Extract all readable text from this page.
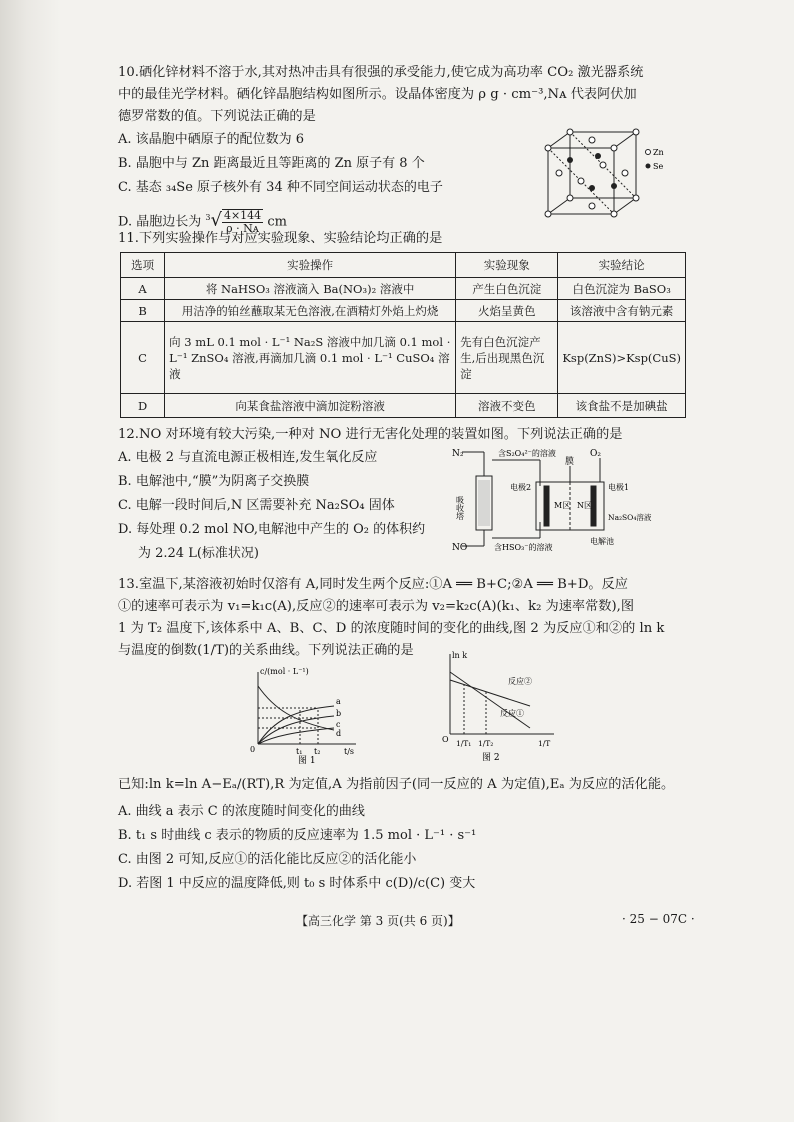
10.硒化锌材料不溶于水,其对热冲击具有很强的承受能力,使它成为高功率 CO₂ 激光器系统
中的最佳光学材料。硒化锌晶胞结构如图所示。设晶体密度为 ρ g · cm⁻³,Nᴀ 代表阿伏加
德罗常数的值。下列说法正确的是
A. 该晶胞中硒原子的配位数为 6
B. 晶胞中与 Zn 距离最近且等距离的 Zn 原子有 8 个
C. 基态 ₃₄Se 原子核外有 34 种不同空间运动状态的电子
D. 晶胞边长为 $^3√ \frac{4\times 144}{\text{ρ · Nᴀ}}$ cm
Zn
Se
11.下列实验操作与对应实验现象、实验结论均正确的是
选项	实验操作	实验现象	实验结论
A	将 NaHSO₃ 溶液滴入 Ba(NO₃)₂ 溶液中	产生白色沉淀	白色沉淀为 BaSO₃
B	用洁净的铂丝蘸取某无色溶液,在酒精灯外焰上灼烧	火焰呈黄色	该溶液中含有钠元素
C	向 3 mL 0.1 mol · L⁻¹ Na₂S 溶液中加几滴 0.1 mol · L⁻¹ ZnSO₄ 溶液,再滴加几滴 0.1 mol · L⁻¹ CuSO₄ 溶液	先有白色沉淀产生,后出现黑色沉淀	Ksp(ZnS)>Ksp(CuS)
D	向某食盐溶液中滴加淀粉溶液	溶液不变色	该食盐不是加碘盐
12.NO 对环境有较大污染,一种对 NO 进行无害化处理的装置如图。下列说法正确的是
A. 电极 2 与直流电源正极相连,发生氧化反应
B. 电解池中,“膜”为阴离子交换膜
C. 电解一段时间后,N 区需要补充 Na₂SO₄ 固体
D. 每处理 0.2 mol NO,电解池中产生的 O₂ 的体积约
为 2.24 L(标准状况)
N₂	含S₂O₄²⁻的溶液
膜
O₂
吸收塔
电极2	电极1
M区 N区
Na₂SO₄溶液
NO	含HSO₃⁻的溶液
电解池
13.室温下,某溶液初始时仅溶有 A,同时发生两个反应:①A ══ B+C;②A ══ B+D。反应
①的速率可表示为 v₁=k₁c(A),反应②的速率可表示为 v₂=k₂c(A)(k₁、k₂ 为速率常数),图
1 为 T₂ 温度下,该体系中 A、B、C、D 的浓度随时间的变化的曲线,图 2 为反应①和②的 ln k
与温度的倒数(1/T)的关系曲线。下列说法正确的是
c/(mol · L⁻¹)
t/s
0	t₁ t₂
a
b
c
d
图 1
ln k
O
反应②
反应①
1/T₁ 1/T₂	1/T
图 2
已知:ln k=ln A−Eₐ/(RT),R 为定值,A 为指前因子(同一反应的 A 为定值),Eₐ 为反应的活化能。
A. 曲线 a 表示 C 的浓度随时间变化的曲线
B. t₁ s 时曲线 c 表示的物质的反应速率为 1.5 mol · L⁻¹ · s⁻¹
C. 由图 2 可知,反应①的活化能比反应②的活化能小
D. 若图 1 中反应的温度降低,则 t₀ s 时体系中 c(D)/c(C) 变大
【高三化学 第 3 页(共 6 页)】	· 25 − 07C ·
